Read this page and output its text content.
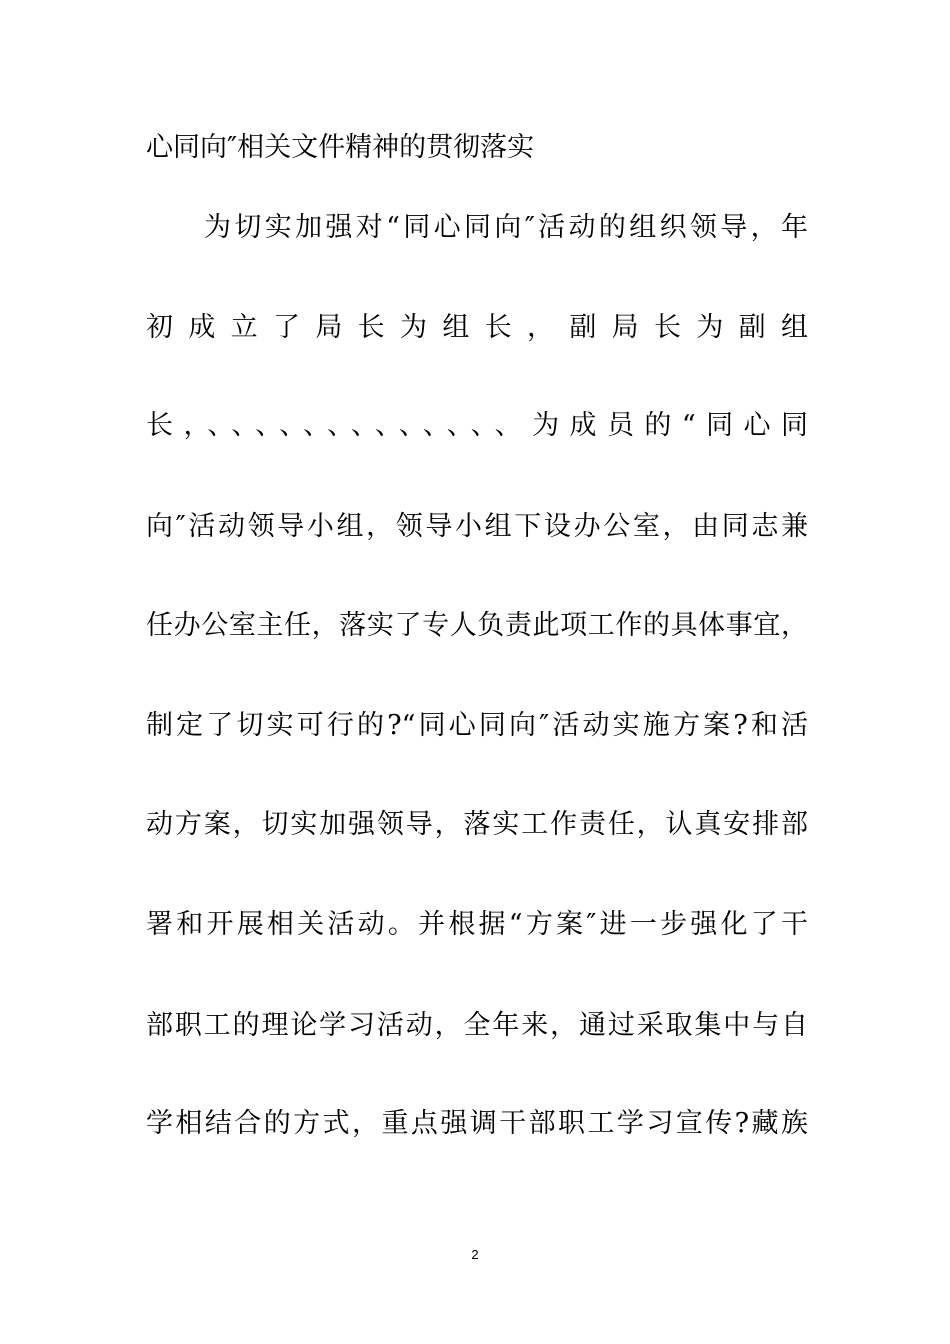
心同向″相关文件精神的贯彻落实
为切实加强对“同心同向″活动的组织领导，年
初 成 立 了 局 长 为 组 长 ， 副 局 长 为 副 组
长，、、、、、、、、、、、、、为成员的“同心同
向″活动领导小组，领导小组下设办公室，由同志兼
任办公室主任，落实了专人负责此项工作的具体事宜，
制定了切实可行的?“同心同向″活动实施方案?和活
动方案，切实加强领导，落实工作责任，认真安排部
署和开展相关活动。并根据“方案″进一步强化了干
部职工的理论学习活动，全年来，通过采取集中与自
学相结合的方式，重点强调干部职工学习宣传?藏族
2
